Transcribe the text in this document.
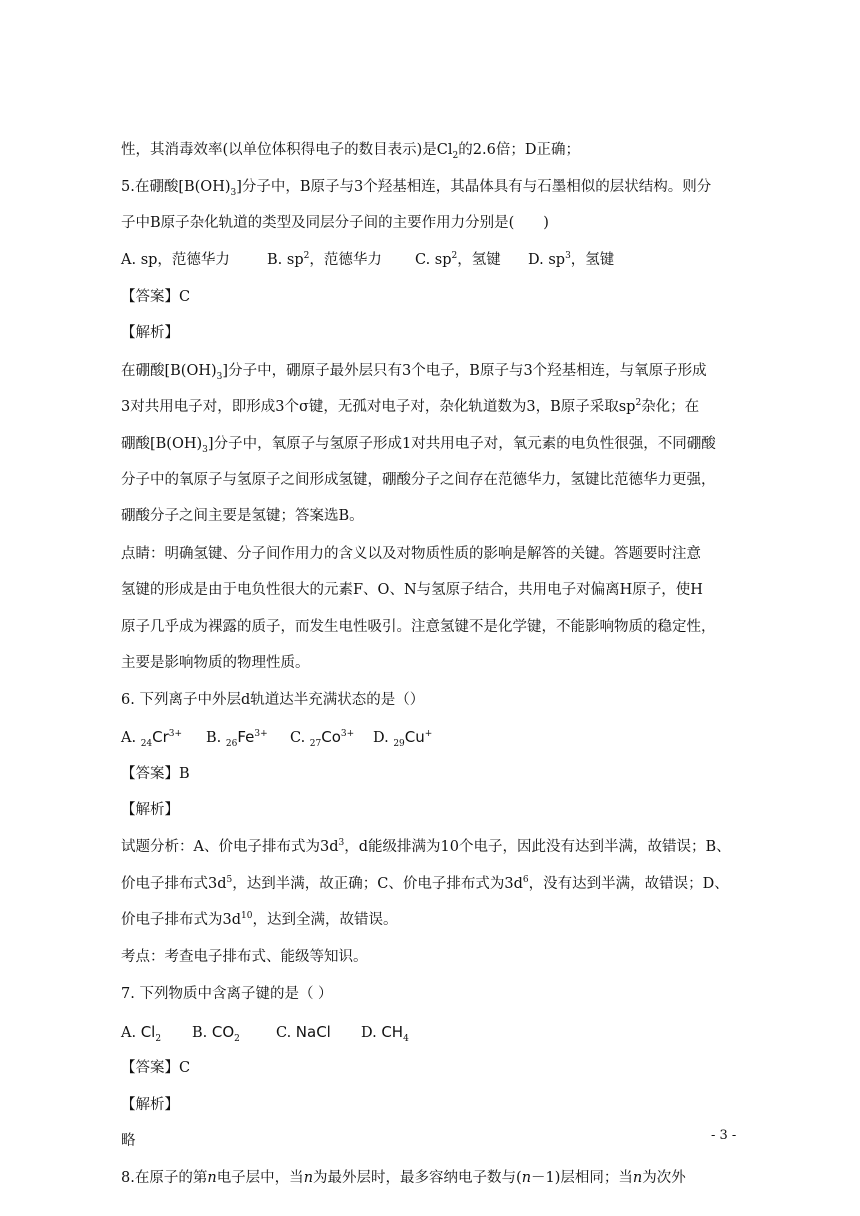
性，其消毒效率(以单位体积得电子的数目表示)是$Cl_2$的2.6倍；D正确；
5.在硼酸$[B(OH)_3]$分子中，B原子与3个羟基相连，其晶体具有与石墨相似的层状结构。则分
子中B原子杂化轨道的类型及同层分子间的主要作用力分别是(　　)
A. sp，范德华力	B. $sp^2$，范德华力 C. $sp^2$，氢键 D. $sp^3$，氢键
【答案】C
【解析】
在硼酸$[B(OH)_3]$分子中，硼原子最外层只有3个电子，B原子与3个羟基相连，与氧原子形成
3对共用电子对，即形成3个σ键，无孤对电子对，杂化轨道数为3，B原子采取$sp^2$杂化；在
硼酸$[B(OH)_3]$分子中，氧原子与氢原子形成1对共用电子对，氧元素的电负性很强，不同硼酸
分子中的氧原子与氢原子之间形成氢键，硼酸分子之间存在范德华力，氢键比范德华力更强，
硼酸分子之间主要是氢键；答案选B。
点睛：明确氢键、分子间作用力的含义以及对物质性质的影响是解答的关键。答题要时注意
氢键的形成是由于电负性很大的元素F、O、N与氢原子结合，共用电子对偏离H原子，使H
原子几乎成为裸露的质子，而发生电性吸引。注意氢键不是化学键，不能影响物质的稳定性，
主要是影响物质的物理性质。
6. 下列离子中外层d轨道达半充满状态的是（）
A. $_{24}Cr^{3+}$ B. $_{26}Fe^{3+}$ C. $_{27}Co^{3+}$ D. $_{29}$Cu+
【答案】B
【解析】
试题分析：A、价电子排布式为$3d^3$，d能级排满为10个电子，因此没有达到半满，故错误；B、
价电子排布式$3d^5$，达到半满，故正确；C、价电子排布式为$3d^6$，没有达到半满，故错误；D、
价电子排布式为$3d^{10}$，达到全满，故错误。
考点：考查电子排布式、能级等知识。
7. 下列物质中含离子键的是（ ）
A. $Cl_2$ B. $CO_2$ C. NaCl D. $CH_4$
【答案】C
【解析】
略
8.在原子的第n电子层中，当n为最外层时，最多容纳电子数与(n－1)层相同；当n为次外
- 3 -
